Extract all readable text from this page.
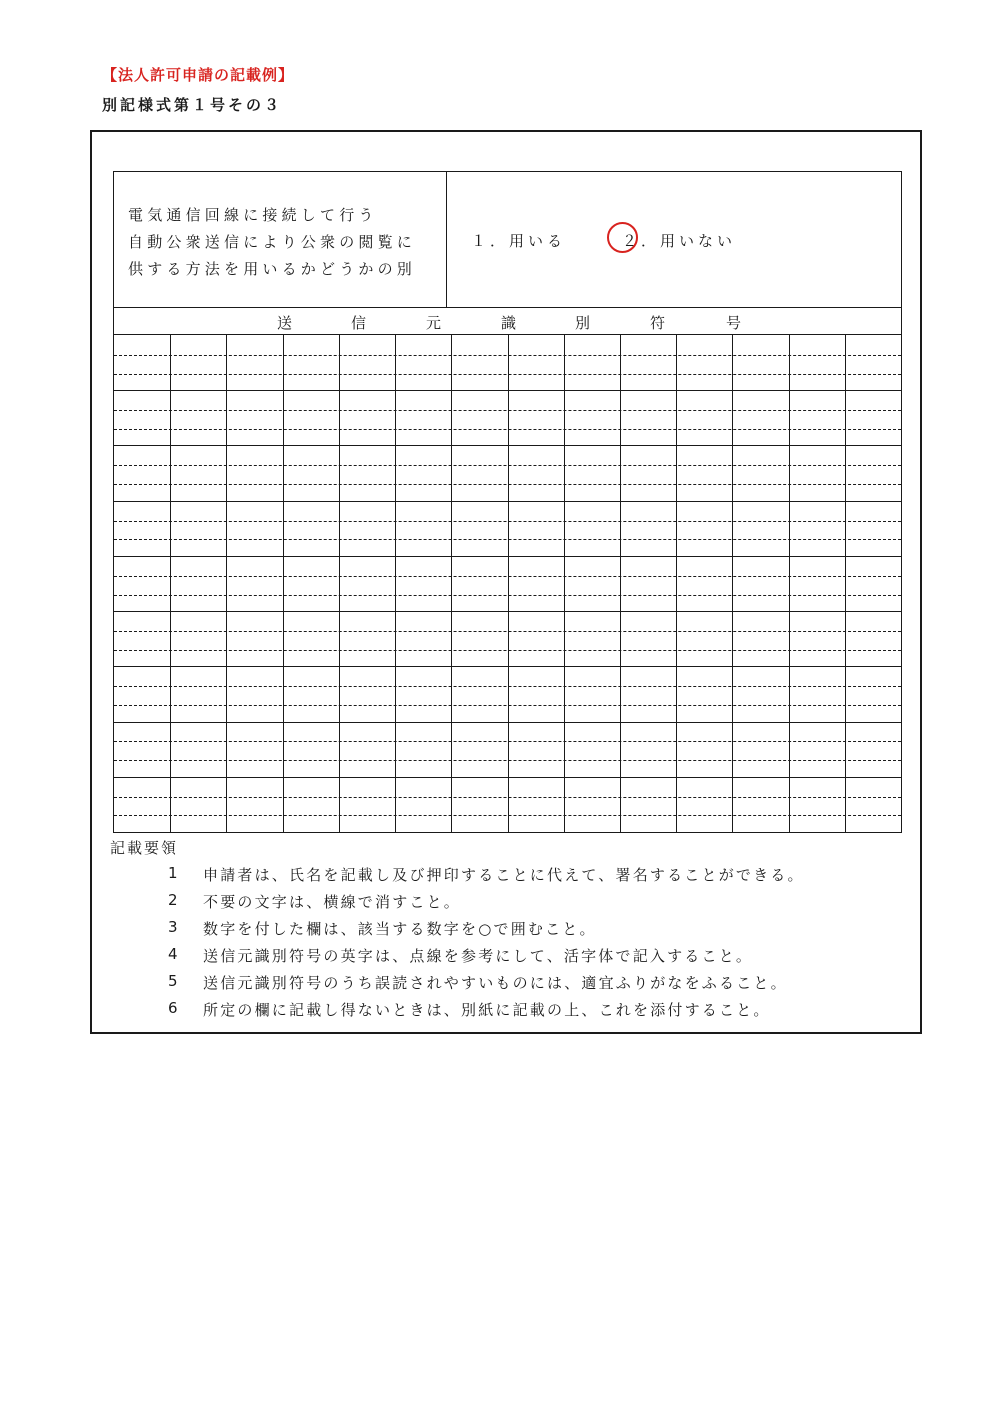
【法人許可申請の記載例】
別記様式第１号その３
電気通信回線に接続して行う
自動公衆送信により公衆の閲覧に
供する方法を用いるかどうかの別
１．用いる	２．用いない
送	信	元	識	別	符	号
記載要領
1 申請者は、氏名を記載し及び押印することに代えて、署名することができる。
2 不要の文字は、横線で消すこと。
3 数字を付した欄は、該当する数字を○で囲むこと。
4 送信元識別符号の英字は、点線を参考にして、活字体で記入すること。
5 送信元識別符号のうち誤読されやすいものには、適宜ふりがなをふること。
6 所定の欄に記載し得ないときは、別紙に記載の上、これを添付すること。
